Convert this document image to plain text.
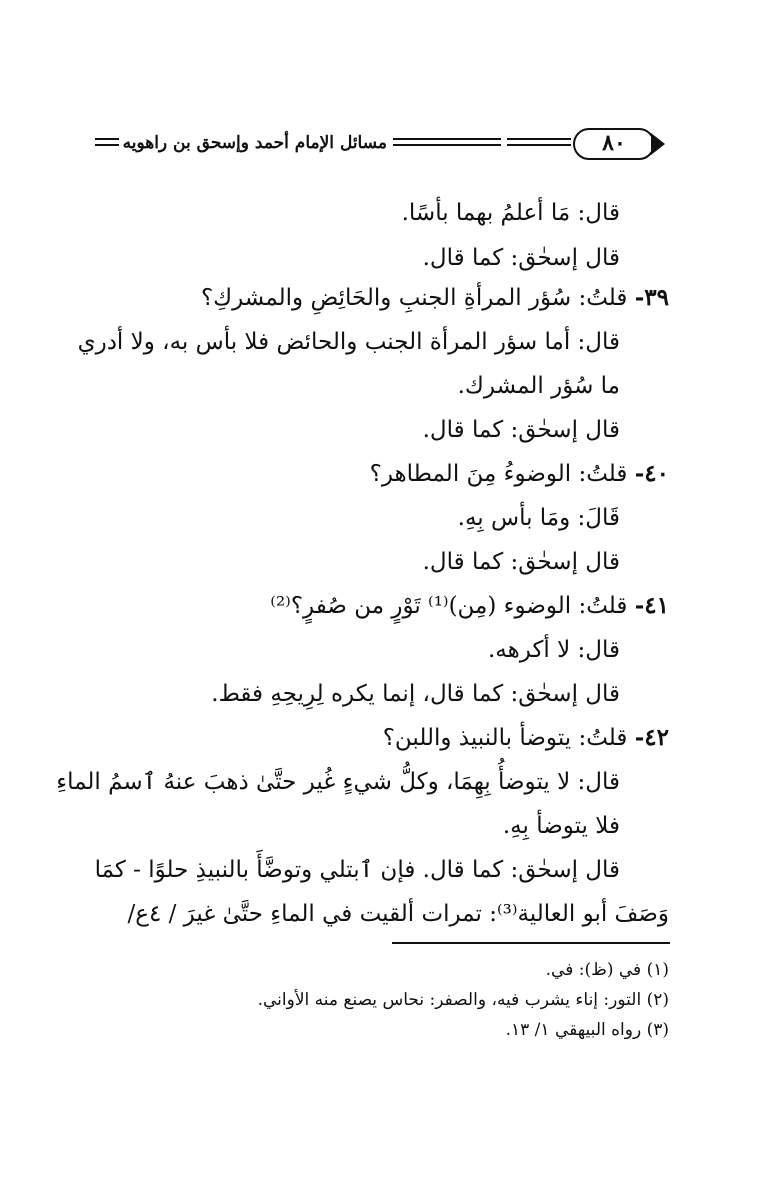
مسائل الإمام أحمد وإسحق بن راهويه	٨٠
قال: مَا أعلمُ بهما بأسًا.
قال إسحٰق: كما قال.
٣٩- قلتُ: سُؤر المرأةِ الجنبِ والحَائِضِ والمشركِ؟
قال: أما سؤر المرأة الجنب والحائض فلا بأس به، ولا أدري
ما سُؤر المشرك.
قال إسحٰق: كما قال.
٤٠- قلتُ: الوضوءُ مِنَ المطاهر؟
قَالَ: ومَا بأس بِهِ.
قال إسحٰق: كما قال.
٤١- قلتُ: الوضوء (مِن)⁽¹⁾ تَوْرٍ من صُفرٍ؟⁽²⁾
قال: لا أكرهه.
قال إسحٰق: كما قال، إنما يكره لِرِيحِهِ فقط.
٤٢- قلتُ: يتوضأ بالنبيذ واللبن؟
قال: لا يتوضأُ بِهِمَا، وكلُّ شيءٍ غُير حتَّىٰ ذهبَ عنهُ ٱسمُ الماءِ
فلا يتوضأ بِهِ.
قال إسحٰق: كما قال. فإن ٱبتلي وتوضَّأَ بالنبيذِ حلوًا - كمَا
وَصَفَ أبو العالية⁽³⁾: تمرات ألقيت في الماءِ حتَّىٰ غيرَ / ٤ع/
(١) في (ظ): في.
(٢) التور: إناء يشرب فيه، والصفر: نحاس يصنع منه الأواني.
(٣) رواه البيهقي ١/ ١٣.
